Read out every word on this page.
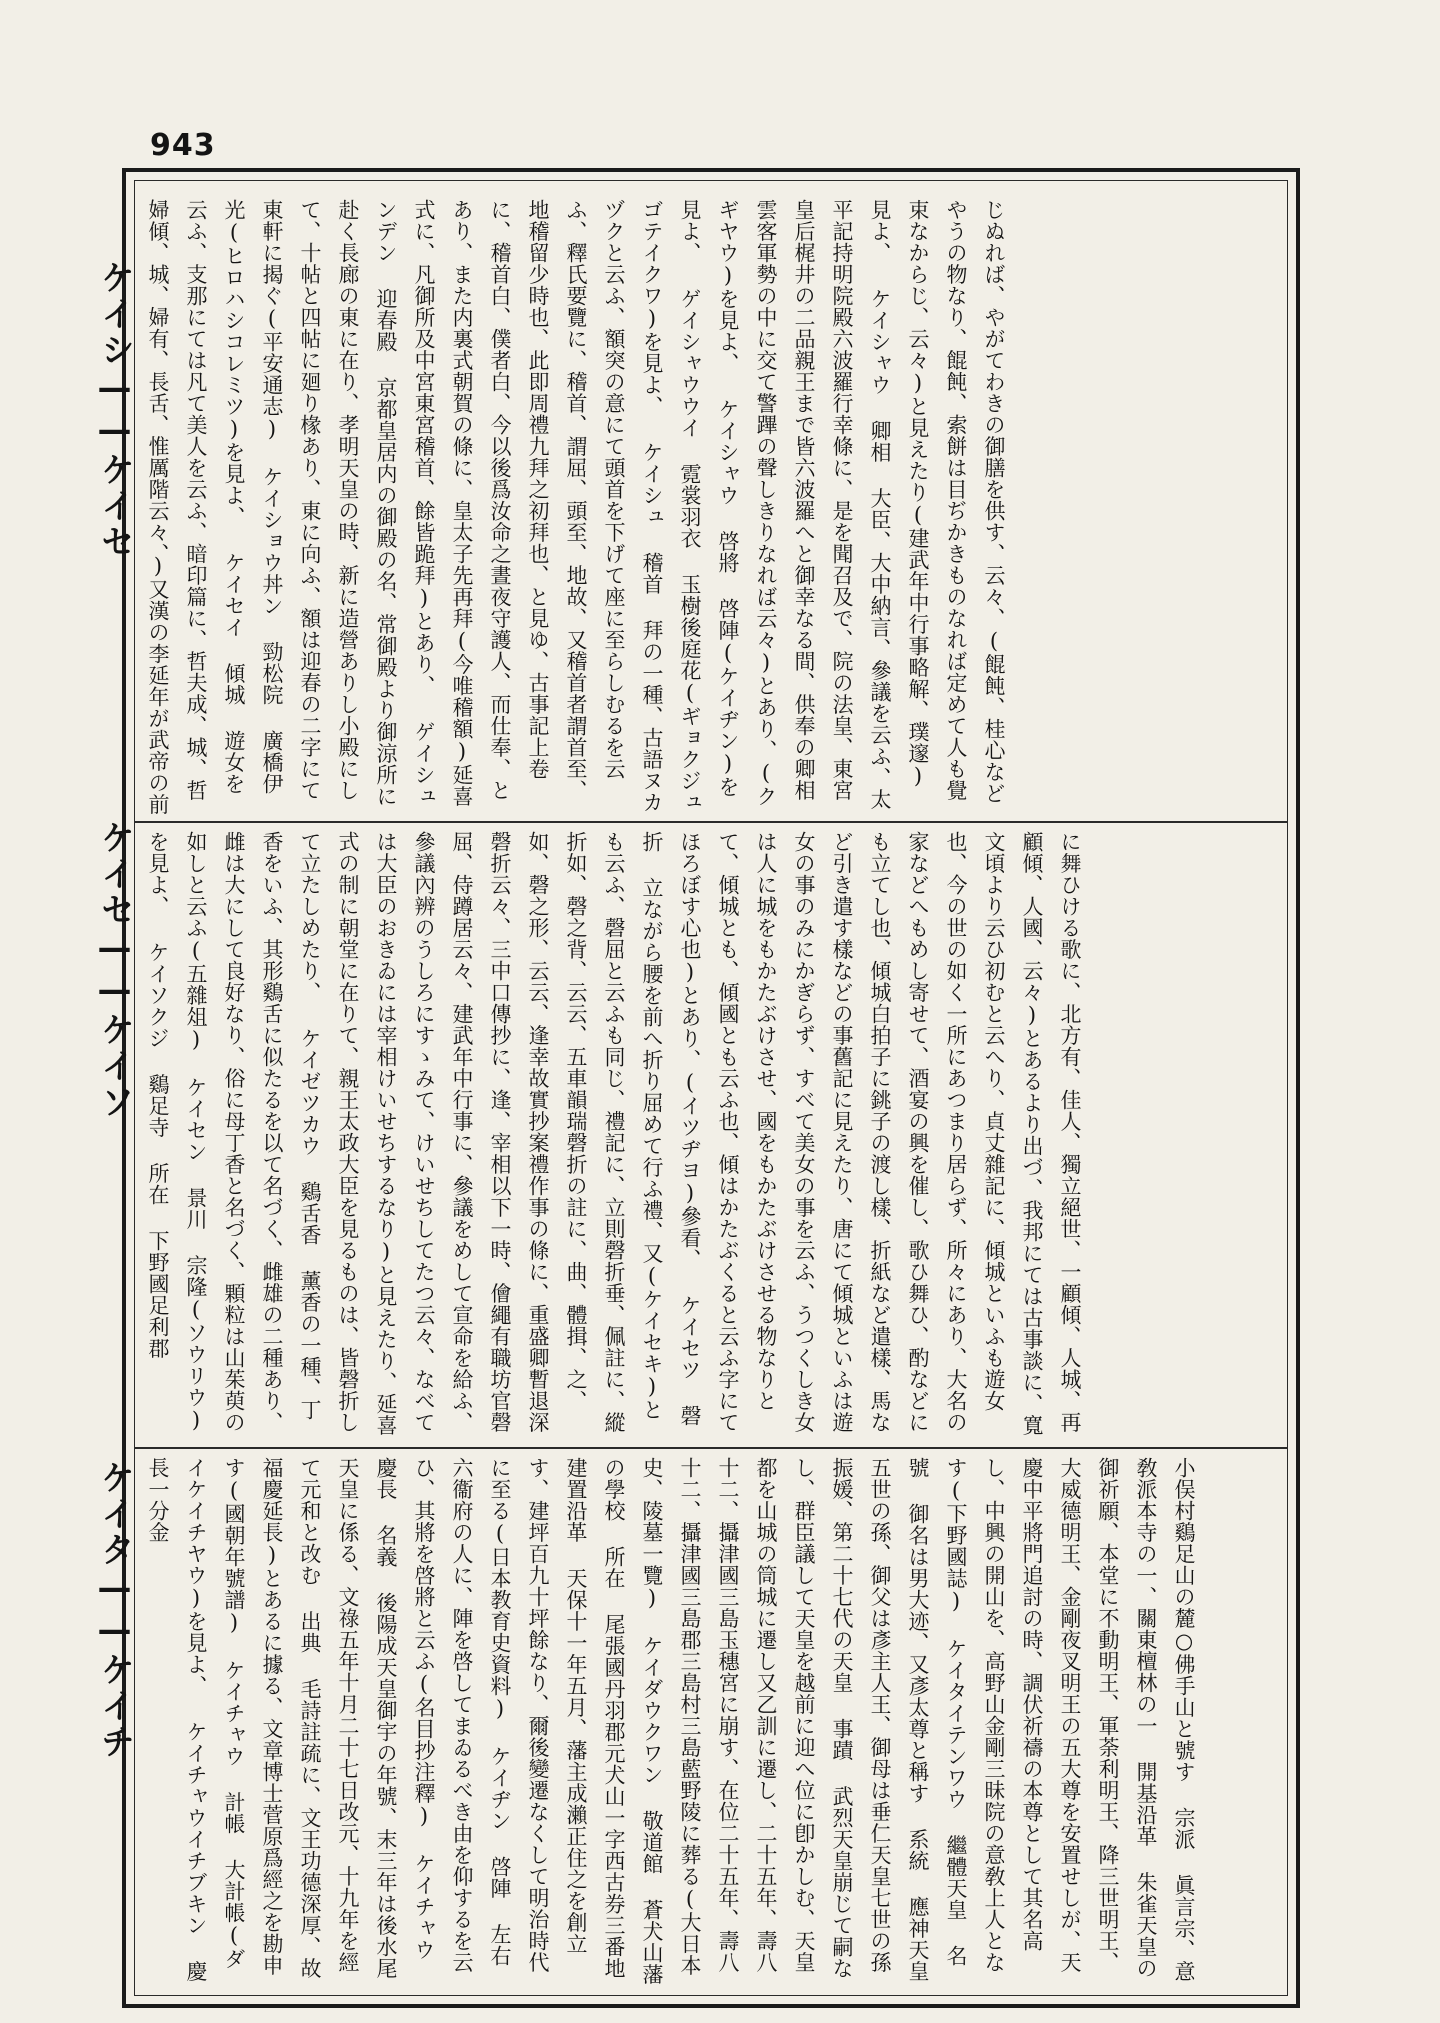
943
じぬれば、やがてわきの御膳を供す、云々、(餛飩、桂心などやうの物なり、餛飩、索餅は目ぢかきものなれば定めて人も覺束なからじ、云々)と見えたり(建武年中行事略解、璞邃) 見よ、 ケイシャウ 卿相 大臣、大中納言、參議を云ふ、太平記持明院殿六波羅行幸條に、是を聞召及で、院の法皇、東宮皇后梶井の二品親王まで皆六波羅へと御幸なる間、供奉の卿相雲客軍勢の中に交て警蹕の聲しきりなれば云々)とあり、(クギヤウ)を見よ、 ケイシャウ 啓將 啓陣(ケイヂン)を見よ、 ゲイシャウウイ 霓裳羽衣 玉樹後庭花(ギョクジュゴテイクワ)を見よ、 ケイシュ 稽首 拜の一種、古語ヌカヅクと云ふ、額突の意にて頭首を下げて座に至らしむるを云ふ、釋氏要覽に、稽首、謂屈、頭至、地故、又稽首者謂首至、地稽留少時也、此即周禮九拜之初拜也、と見ゆ、古事記上卷に、稽首白、僕者白、今以後爲汝命之晝夜守護人、而仕奉、とあり、また内裏式朝賀の條に、皇太子先再拜(今唯稽額)延喜式に、凡御所及中宮東宮稽首、餘皆跪拜)とあり、 ゲイシュンデン 迎春殿 京都皇居内の御殿の名、常御殿より御涼所に赴く長廊の東に在り、孝明天皇の時、新に造營ありし小殿にして、十帖と四帖に廻り椽あり、東に向ふ、額は迎春の二字にて東軒に揭ぐ(平安通志) ケイショウ丼ン 勁松院 廣橋伊光(ヒロハシコレミツ)を見よ、 ケイセイ 傾城 遊女を云ふ、支那にては凡て美人を云ふ、暗印篇に、哲夫成、城、哲婦傾、城、婦有、長舌、惟厲階云々、)又漢の李延年が武帝の前
に舞ひける歌に、北方有、佳人、獨立絕世、一顧傾、人城、再顧傾、人國、云々)とあるより出づ、我邦にては古事談に、寬文頃より云ひ初むと云へり、貞丈雜記に、傾城といふも遊女也、今の世の如く一所にあつまり居らず、所々にあり、大名の家などへもめし寄せて、酒宴の興を催し、歌ひ舞ひ、酌などにも立てし也、傾城白拍子に銚子の渡し樣、折紙など遣樣、馬など引き遣す樣などの事舊記に見えたり、唐にて傾城といふは遊女の事のみにかぎらず、すべて美女の事を云ふ、うつくしき女は人に城をもかたぶけさせ、國をもかたぶけさせる物なりとて、傾城とも、傾國とも云ふ也、傾はかたぶくると云ふ字にてほろぼす心也)とあり、(イツヂヨ)參看、 ケイセツ 磬折 立ながら腰を前へ折り屈めて行ふ禮、又(ケイセキ)とも云ふ、磬屈と云ふも同じ、禮記に、立則磬折垂、佩註に、縱折如、磬之背、云云、五車韻瑞磬折の註に、曲、體揖、之、如、磬之形、云云、逢幸故實抄案禮作事の條に、重盛卿暫退深磬折云々、三中口傳抄に、逢、宰相以下一時、儈繩有職坊官磬屈、侍蹲居云々、建武年中行事に、參議をめして宣命を給ふ、參議內辨のうしろにすゝみて、けいせちしてたつ云々、なべては大臣のおきゐには宰相けいせちするなり)と見えたり、延喜式の制に朝堂に在りて、親王太政大臣を見るものは、皆磬折して立たしめたり、 ケイゼツカウ 鷄舌香 薰香の一種、丁香をいふ、其形鷄舌に似たるを以て名づく、雌雄の二種あり、雌は大にして良好なり、俗に母丁香と名づく、顆粒は山茱萸の如しと云ふ(五雜俎) ケイセン 景川 宗隆(ソウリウ)を見よ、 ケイソクジ 鷄足寺 所在 下野國足利郡
小俣村鷄足山の麓○佛手山と號す 宗派 眞言宗、意敎派本寺の一、關東檀林の一 開基沿革 朱雀天皇の御祈願、本堂に不動明王、軍荼利明王、降三世明王、大威德明王、金剛夜叉明王の五大尊を安置せしが、天慶中平將門追討の時、調伏祈禱の本尊として其名高し、中興の開山を、高野山金剛三昧院の意敎上人となす(下野國誌) ケイタイテンワウ 繼體天皇 名號 御名は男大迹、又彥太尊と稱す 系統 應神天皇五世の孫、御父は彥主人王、御母は垂仁天皇七世の孫振媛、第二十七代の天皇 事蹟 武烈天皇崩じて嗣なし、群臣議して天皇を越前に迎へ位に卽かしむ、天皇都を山城の筒城に遷し又乙訓に遷し、二十五年、壽八十二、攝津國三島玉穗宮に崩す、在位二十五年、壽八十二、攝津國三島郡三島村三島藍野陵に葬る(大日本史、陵墓一覽) ケイダウクワン 敬道館 蒼犬山藩の學校 所在 尾張國丹羽郡元犬山一字西古券三番地 建置沿革 天保十一年五月、藩主成瀨正住之を創立す、建坪百九十坪餘なり、爾後變遷なくして明治時代に至る(日本教育史資料) ケイヂン 啓陣 左右六衞府の人に、陣を啓してまゐるべき由を仰するを云ひ、其將を啓將と云ふ(名目抄注釋) ケイチャウ 慶長 名義 後陽成天皇御宇の年號、末三年は後水尾天皇に係る、文祿五年十月二十七日改元、十九年を經て元和と改む 出典 毛詩註疏に、文王功德深厚、故福慶延長)とあるに據る、文章博士菅原爲經之を勘申す(國朝年號譜) ケイチャウ 計帳 大計帳(ダイケイチヤウ)を見よ、 ケイチャウイチブキン 慶長一分金
ケイシ——ケイセ
ケイセ——ケイソ
ケイタ——ケイチ
